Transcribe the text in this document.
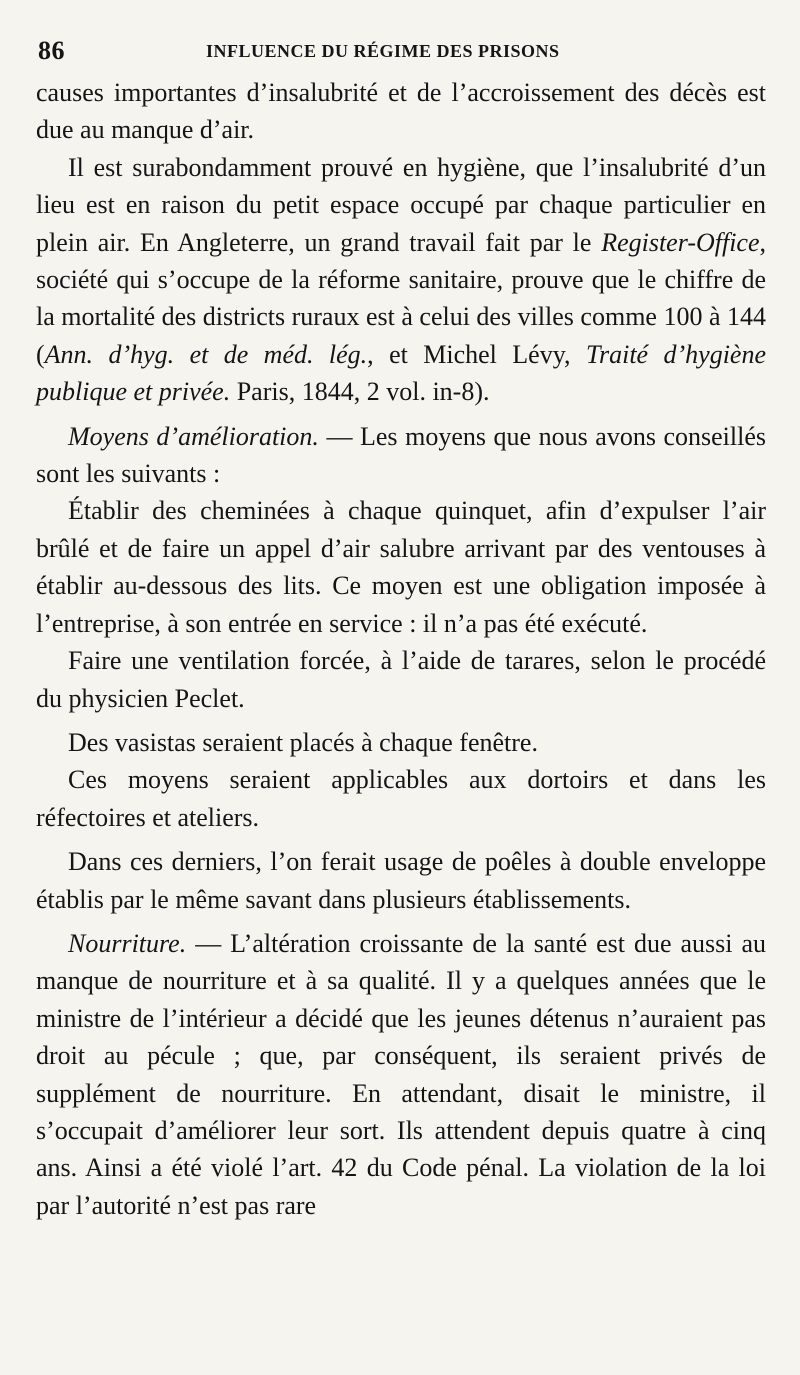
86	INFLUENCE DU RÉGIME DES PRISONS

causes importantes d’insalubrité et de l’accroissement des décès est due au manque d’air.

Il est surabondamment prouvé en hygiène, que l’insalubrité d’un lieu est en raison du petit espace occupé par chaque particulier en plein air. En Angleterre, un grand travail fait par le Register-Office, société qui s’occupe de la réforme sanitaire, prouve que le chiffre de la mortalité des districts ruraux est à celui des villes comme 100 à 144 (Ann. d’hyg. et de méd. lég., et Michel Lévy, Traité d’hygiène publique et privée. Paris, 1844, 2 vol. in-8).

Moyens d’amélioration. — Les moyens que nous avons conseillés sont les suivants :

Établir des cheminées à chaque quinquet, afin d’expulser l’air brûlé et de faire un appel d’air salubre arrivant par des ventouses à établir au-dessous des lits. Ce moyen est une obligation imposée à l’entreprise, à son entrée en service : il n’a pas été exécuté.

Faire une ventilation forcée, à l’aide de tarares, selon le procédé du physicien Peclet.

Des vasistas seraient placés à chaque fenêtre.

Ces moyens seraient applicables aux dortoirs et dans les réfectoires et ateliers.

Dans ces derniers, l’on ferait usage de poêles à double enveloppe établis par le même savant dans plusieurs établissements.

Nourriture. — L’altération croissante de la santé est due aussi au manque de nourriture et à sa qualité. Il y a quelques années que le ministre de l’intérieur a décidé que les jeunes détenus n’auraient pas droit au pécule ; que, par conséquent, ils seraient privés de supplément de nourriture. En attendant, disait le ministre, il s’occupait d’améliorer leur sort. Ils attendent depuis quatre à cinq ans. Ainsi a été violé l’art. 42 du Code pénal. La violation de la loi par l’autorité n’est pas rare
